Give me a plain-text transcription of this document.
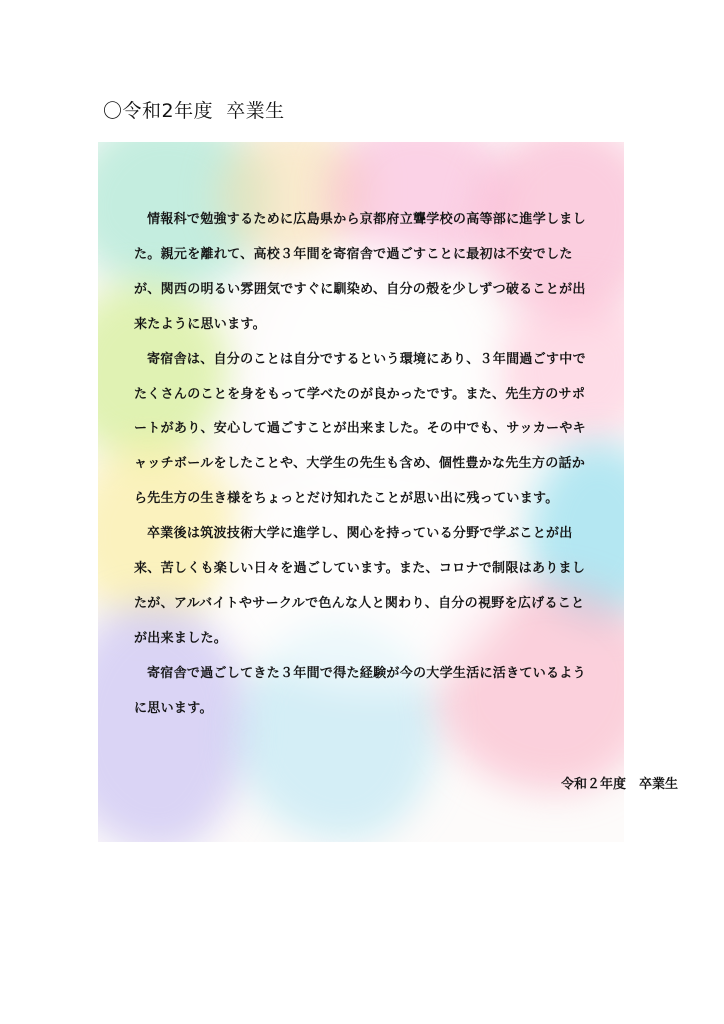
〇令和2年度  卒業生

情報科で勉強するために広島県から京都府立聾学校の高等部に進学しました。親元を離れて、高校３年間を寄宿舎で過ごすことに最初は不安でしたが、関西の明るい雰囲気ですぐに馴染め、自分の殻を少しずつ破ることが出来たように思います。

寄宿舎は、自分のことは自分でするという環境にあり、３年間過ごす中でたくさんのことを身をもって学べたのが良かったです。また、先生方のサポートがあり、安心して過ごすことが出来ました。その中でも、サッカーやキャッチボールをしたことや、大学生の先生も含め、個性豊かな先生方の話から先生方の生き様をちょっとだけ知れたことが思い出に残っています。

卒業後は筑波技術大学に進学し、関心を持っている分野で学ぶことが出来、苦しくも楽しい日々を過ごしています。また、コロナで制限はありましたが、アルバイトやサークルで色んな人と関わり、自分の視野を広げることが出来ました。

寄宿舎で過ごしてきた３年間で得た経験が今の大学生活に活きているように思います。

令和２年度　卒業生
